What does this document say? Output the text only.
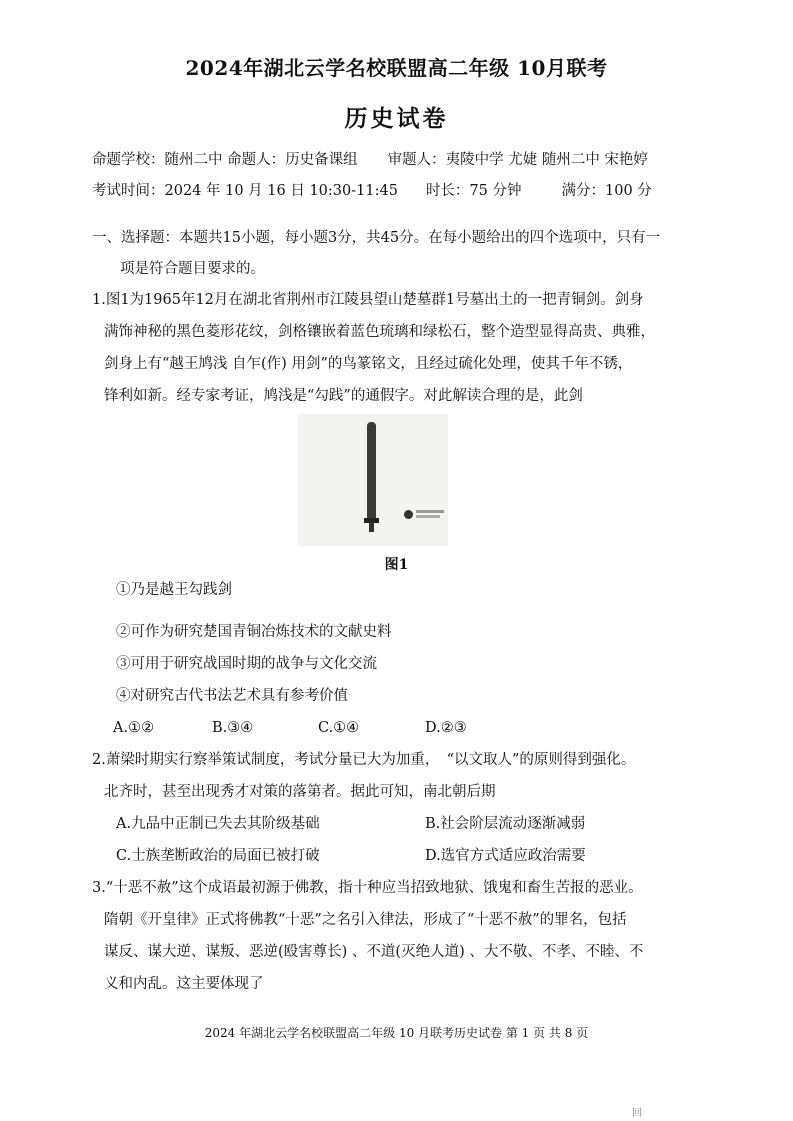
2024年湖北云学名校联盟高二年级 10月联考
历史试卷
命题学校：随州二中 命题人：历史备课组 审题人：夷陵中学 尤婕 随州二中 宋艳婷
考试时间：2024 年 10 月 16 日 10:30-11:45 时长：75 分钟	满分：100 分
一、选择题：本题共15小题，每小题3分，共45分。在每小题给出的四个选项中，只有一
项是符合题目要求的。
1.图1为1965年12月在湖北省荆州市江陵县望山楚墓群1号墓出土的一把青铜剑。剑身
满饰神秘的黑色菱形花纹，剑格镶嵌着蓝色琉璃和绿松石，整个造型显得高贵、典雅，
剑身上有“越王鸠浅 自乍(作) 用剑”的鸟篆铭文，且经过硫化处理，使其千年不锈，
锋利如新。经专家考证，鸠浅是“勾践”的通假字。对此解读合理的是，此剑
图1
①乃是越王勾践剑
②可作为研究楚国青铜冶炼技术的文献史料
③可用于研究战国时期的战争与文化交流
④对研究古代书法艺术具有参考价值
A.①②	B.③④	C.①④	D.②③
2.萧梁时期实行察举策试制度，考试分量已大为加重，　“以文取人”的原则得到强化。
北齐时，甚至出现秀才对策的落第者。据此可知，南北朝后期
A.九品中正制已失去其阶级基础	B.社会阶层流动逐渐减弱
C.士族垄断政治的局面已被打破	D.选官方式适应政治需要
3.“十恶不赦”这个成语最初源于佛教，指十种应当招致地狱、饿鬼和畜生苦报的恶业。
隋朝《开皇律》正式将佛教“十恶”之名引入律法，形成了“十恶不赦”的罪名，包括
谋反、谋大逆、谋叛、恶逆(殴害尊长) 、不道(灭绝人道) 、大不敬、不孝、不睦、不
义和内乱。这主要体现了
2024 年湖北云学名校联盟高二年级 10 月联考历史试卷 第 1 页 共 8 页
回
